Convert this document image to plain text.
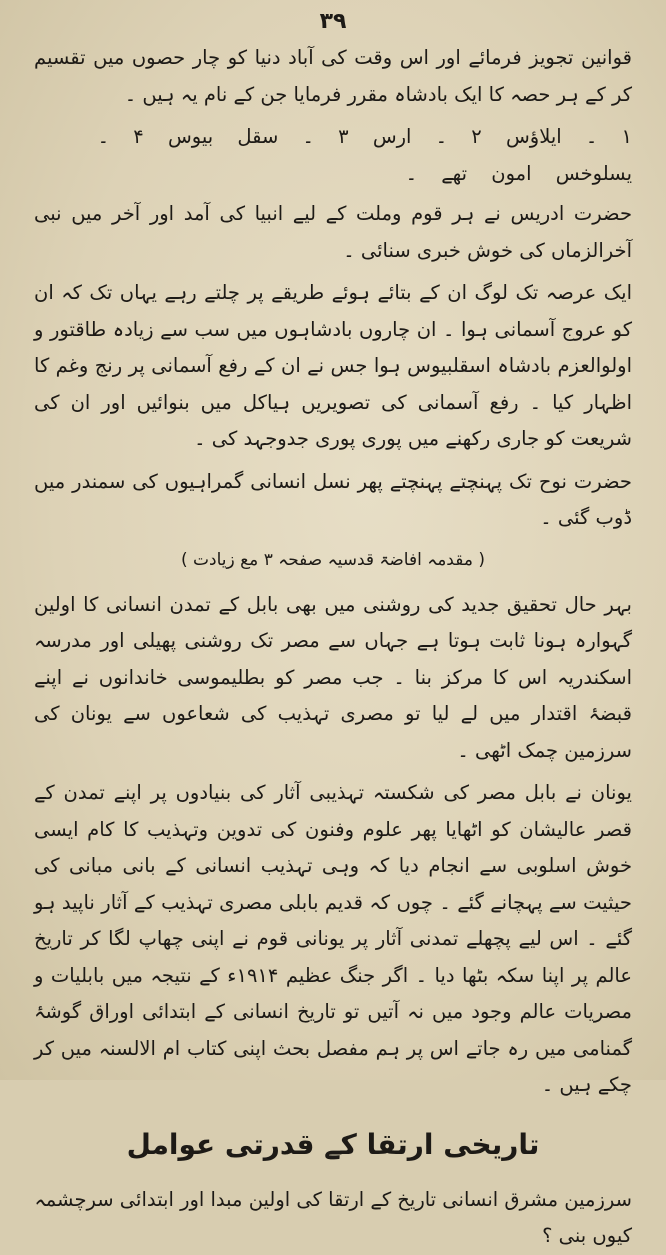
۳۹

قوانین تجویز فرمائے اور اس وقت کی آباد دنیا کو چار حصوں میں تقسیم کر کے ہر حصہ کا ایک بادشاہ مقرر فرمایا جن کے نام یہ ہیں ۔

۱ ۔ ایلاؤس ۲ ۔ ارس ۳ ۔ سقل بیوس ۴ ۔ یسلوخس امون تھے ۔

حضرت ادریس نے ہر قوم وملت کے لیے انبیا کی آمد اور آخر میں نبی آخرالزماں کی خوش خبری سنائی ۔

ایک عرصہ تک لوگ ان کے بتائے ہوئے طریقے پر چلتے رہے یہاں تک کہ ان کو عروج آسمانی ہوا ۔ ان چاروں بادشاہوں میں سب سے زیادہ طاقتور و اولوالعزم بادشاہ اسقلبیوس ہوا جس نے ان کے رفع آسمانی پر رنج وغم کا اظہار کیا ۔ رفع آسمانی کی تصویریں ہیاکل میں بنوائیں اور ان کی شریعت کو جاری رکھنے میں پوری پوری جدوجہد کی ۔

حضرت نوح تک پہنچتے پہنچتے پھر نسل انسانی گمراہیوں کی سمندر میں ڈوب گئی ۔

( مقدمہ افاضۃ قدسیہ صفحہ ۳ مع زیادت )

بہر حال تحقیق جدید کی روشنی میں بھی بابل کے تمدن انسانی کا اولین گہوارہ ہونا ثابت ہوتا ہے جہاں سے مصر تک روشنی پھیلی اور مدرسہ اسکندریہ اس کا مرکز بنا ۔ جب مصر کو بطلیموسی خاندانوں نے اپنے قبضۂ اقتدار میں لے لیا تو مصری تہذیب کی شعاعوں سے یونان کی سرزمین چمک اٹھی ۔

یونان نے بابل مصر کی شکستہ تہذیبی آثار کی بنیادوں پر اپنے تمدن کے قصر عالیشان کو اٹھایا پھر علوم وفنون کی تدوین وتہذیب کا کام ایسی خوش اسلوبی سے انجام دیا کہ وہی تہذیب انسانی کے بانی مبانی کی حیثیت سے پہچانے گئے ۔ چوں کہ قدیم بابلی مصری تہذیب کے آثار ناپید ہو گئے ۔ اس لیے پچھلے تمدنی آثار پر یونانی قوم نے اپنی چھاپ لگا کر تاریخ عالم پر اپنا سکہ بٹھا دیا ۔ اگر جنگ عظیم ۱۹۱۴ء کے نتیجہ میں بابلیات و مصریات عالم وجود میں نہ آتیں تو تاریخ انسانی کے ابتدائی اوراق گوشۂ گمنامی میں رہ جاتے اس پر ہم مفصل بحث اپنی کتاب ام الالسنہ میں کر چکے ہیں ۔

تاریخی ارتقا کے قدرتی عوامل

سرزمین مشرق انسانی تاریخ کے ارتقا کی اولین مبدا اور ابتدائی سرچشمہ کیوں بنی ؟
